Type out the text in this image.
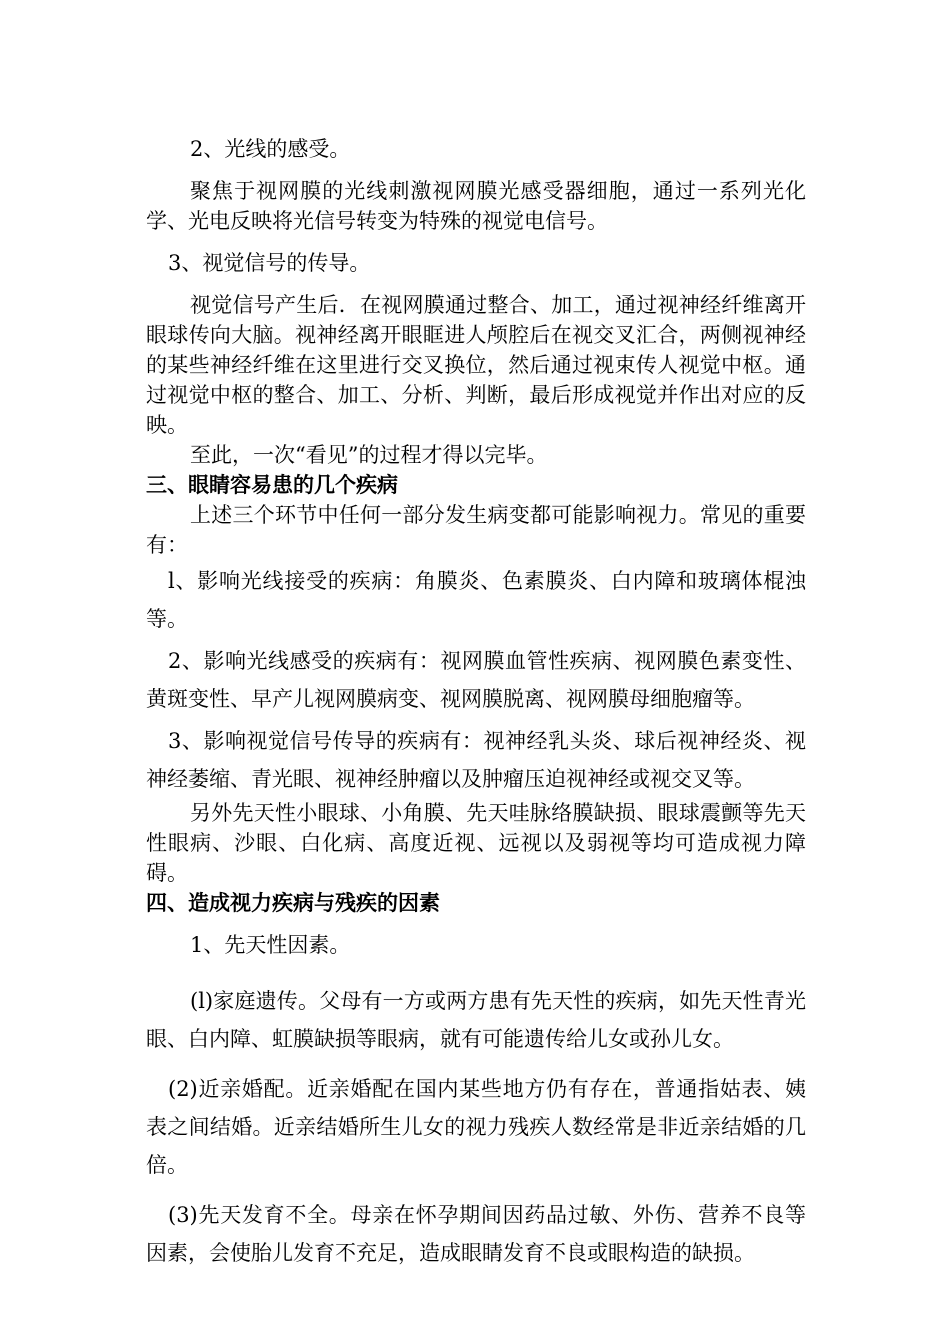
2、光线的感受。

聚焦于视网膜的光线刺激视网膜光感受器细胞，通过一系列光化学、光电反映将光信号转变为特殊的视觉电信号。

3、视觉信号的传导。

视觉信号产生后．在视网膜通过整合、加工，通过视神经纤维离开眼球传向大脑。视神经离开眼眶进人颅腔后在视交叉汇合，两侧视神经的某些神经纤维在这里进行交叉换位，然后通过视束传人视觉中枢。通过视觉中枢的整合、加工、分析、判断，最后形成视觉并作出对应的反映。

至此，一次“看见”的过程才得以完毕。

三、眼睛容易患的几个疾病

上述三个环节中任何一部分发生病变都可能影响视力。常见的重要有：

l、影响光线接受的疾病：角膜炎、色素膜炎、白内障和玻璃体棍浊等。

2、影响光线感受的疾病有：视网膜血管性疾病、视网膜色素变性、黄斑变性、早产儿视网膜病变、视网膜脱离、视网膜母细胞瘤等。

3、影响视觉信号传导的疾病有：视神经乳头炎、球后视神经炎、视神经萎缩、青光眼、视神经肿瘤以及肿瘤压迫视神经或视交叉等。

另外先天性小眼球、小角膜、先天哇脉络膜缺损、眼球震颤等先天性眼病、沙眼、白化病、高度近视、远视以及弱视等均可造成视力障碍。

四、造成视力疾病与残疾的因素

1、先天性因素。

(l)家庭遗传。父母有一方或两方患有先天性的疾病，如先天性青光眼、白内障、虹膜缺损等眼病，就有可能遗传给儿女或孙儿女。

(2)近亲婚配。近亲婚配在国内某些地方仍有存在，普通指姑表、姨表之间结婚。近亲结婚所生儿女的视力残疾人数经常是非近亲结婚的几倍。

(3)先天发育不全。母亲在怀孕期间因药品过敏、外伤、营养不良等因素，会使胎儿发育不充足，造成眼睛发育不良或眼构造的缺损。
